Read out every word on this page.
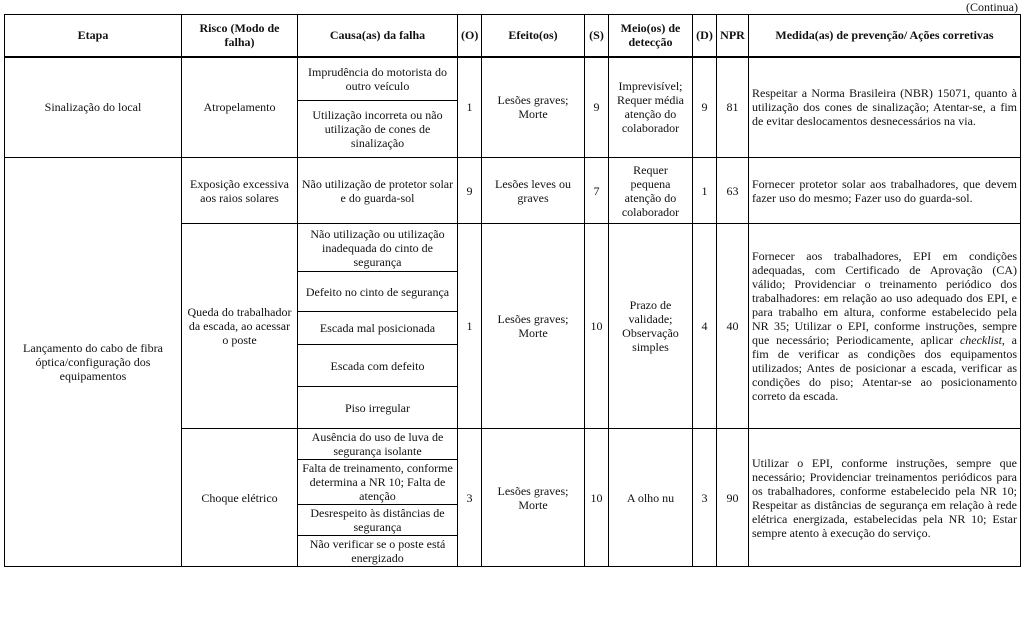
(Continua)
Etapa	Risco (Modo de falha)	Causa(as) da falha	(O)	Efeito(os)	(S)	Meio(os) de detecção	(D)	NPR	Medida(as) de prevenção/ Ações corretivas
Sinalização do local	Atropelamento	Imprudência do motorista do outro veículo	1	Lesões graves; Morte	9	Imprevisível; Requer média atenção do colaborador	9	81	Respeitar a Norma Brasileira (NBR) 15071, quanto à utilização dos cones de sinalização; Atentar-se, a fim de evitar deslocamentos desnecessários na via.
		Utilização incorreta ou não utilização de cones de sinalização							
Lançamento do cabo de fibra óptica/configuração dos equipamentos	Exposição excessiva aos raios solares	Não utilização de protetor solar e do guarda-sol	9	Lesões leves ou graves	7	Requer pequena atenção do colaborador	1	63	Fornecer protetor solar aos trabalhadores, que devem fazer uso do mesmo; Fazer uso do guarda-sol.
	Queda do trabalhador da escada, ao acessar o poste	Não utilização ou utilização inadequada do cinto de segurança	1	Lesões graves; Morte	10	Prazo de validade; Observação simples	4	40	Fornecer aos trabalhadores, EPI em condições adequadas, com Certificado de Aprovação (CA) válido; Providenciar o treinamento periódico dos trabalhadores: em relação ao uso adequado dos EPI, e para trabalho em altura, conforme estabelecido pela NR 35; Utilizar o EPI, conforme instruções, sempre que necessário; Periodicamente, aplicar checklist, a fim de verificar as condições dos equipamentos utilizados; Antes de posicionar a escada, verificar as condições do piso; Atentar-se ao posicionamento correto da escada.
		Defeito no cinto de segurança							
		Escada mal posicionada							
		Escada com defeito							
		Piso irregular							
	Choque elétrico	Ausência do uso de luva de segurança isolante	3	Lesões graves; Morte	10	A olho nu	3	90	Utilizar o EPI, conforme instruções, sempre que necessário; Providenciar treinamentos periódicos para os trabalhadores, conforme estabelecido pela NR 10; Respeitar as distâncias de segurança em relação à rede elétrica energizada, estabelecidas pela NR 10; Estar sempre atento à execução do serviço.
		Falta de treinamento, conforme determina a NR 10; Falta de atenção							
		Desrespeito às distâncias de segurança							
		Não verificar se o poste está energizado							
